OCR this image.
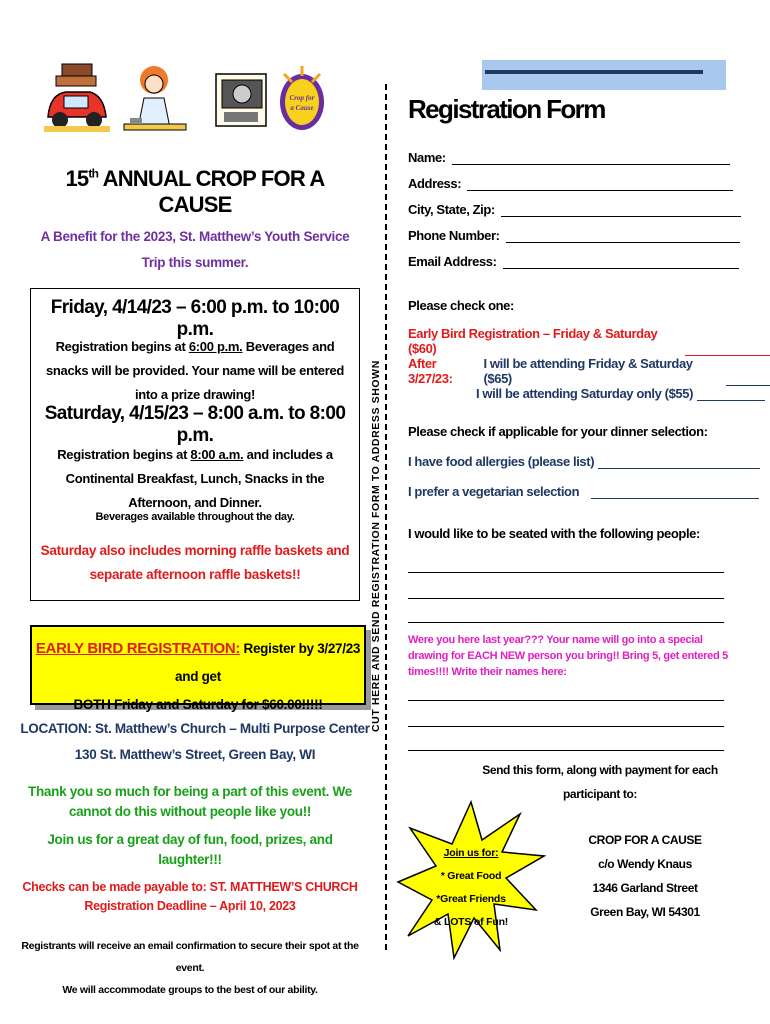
Crop for
a Cause
15th ANNUAL CROP FOR A CAUSE
A Benefit for the 2023, St. Matthew’s Youth Service
Trip this summer.
Friday, 4/14/23 – 6:00 p.m. to 10:00 p.m.
Registration begins at 6:00 p.m. Beverages and snacks will be provided. Your name will be entered into a prize drawing!
Saturday, 4/15/23 – 8:00 a.m. to 8:00 p.m.
Registration begins at 8:00 a.m. and includes a Continental Breakfast, Lunch, Snacks in the Afternoon, and Dinner.
Beverages available throughout the day.
Saturday also includes morning raffle baskets and separate afternoon raffle baskets!!
EARLY BIRD REGISTRATION: Register by 3/27/23 and get
BOTH Friday and Saturday for $60.00!!!!!
LOCATION: St. Matthew’s Church – Multi Purpose Center
130 St. Matthew’s Street, Green Bay, WI
Thank you so much for being a part of this event. We cannot do this without people like you!!
Join us for a great day of fun, food, prizes, and laughter!!!
Checks can be made payable to: ST. MATTHEW’S CHURCH
Registration Deadline – April 10, 2023
Registrants will receive an email confirmation to secure their spot at the event.
We will accommodate groups to the best of our ability.
CUT HERE AND SEND REGISTRATION FORM TO ADDRESS SHOWN
Registration Form
Name:
Address:
City, State, Zip:
Phone Number:
Email Address:
Please check one:
Early Bird Registration – Friday & Saturday ($60)
After 3/27/23:
I will be attending Friday & Saturday ($65)
I will be attending Saturday only ($55)
Please check if applicable for your dinner selection:
I have food allergies (please list)
I prefer a vegetarian selection
I would like to be seated with the following people:
Were you here last year??? Your name will go into a special drawing for EACH NEW person you bring!! Bring 5, get entered 5 times!!!! Write their names here:
Send this form, along with payment for each
participant to:
CROP FOR A CAUSE
c/o Wendy Knaus
1346 Garland Street
Green Bay, WI 54301
Join us for:
* Great Food
*Great Friends
& LOTS of Fun!
